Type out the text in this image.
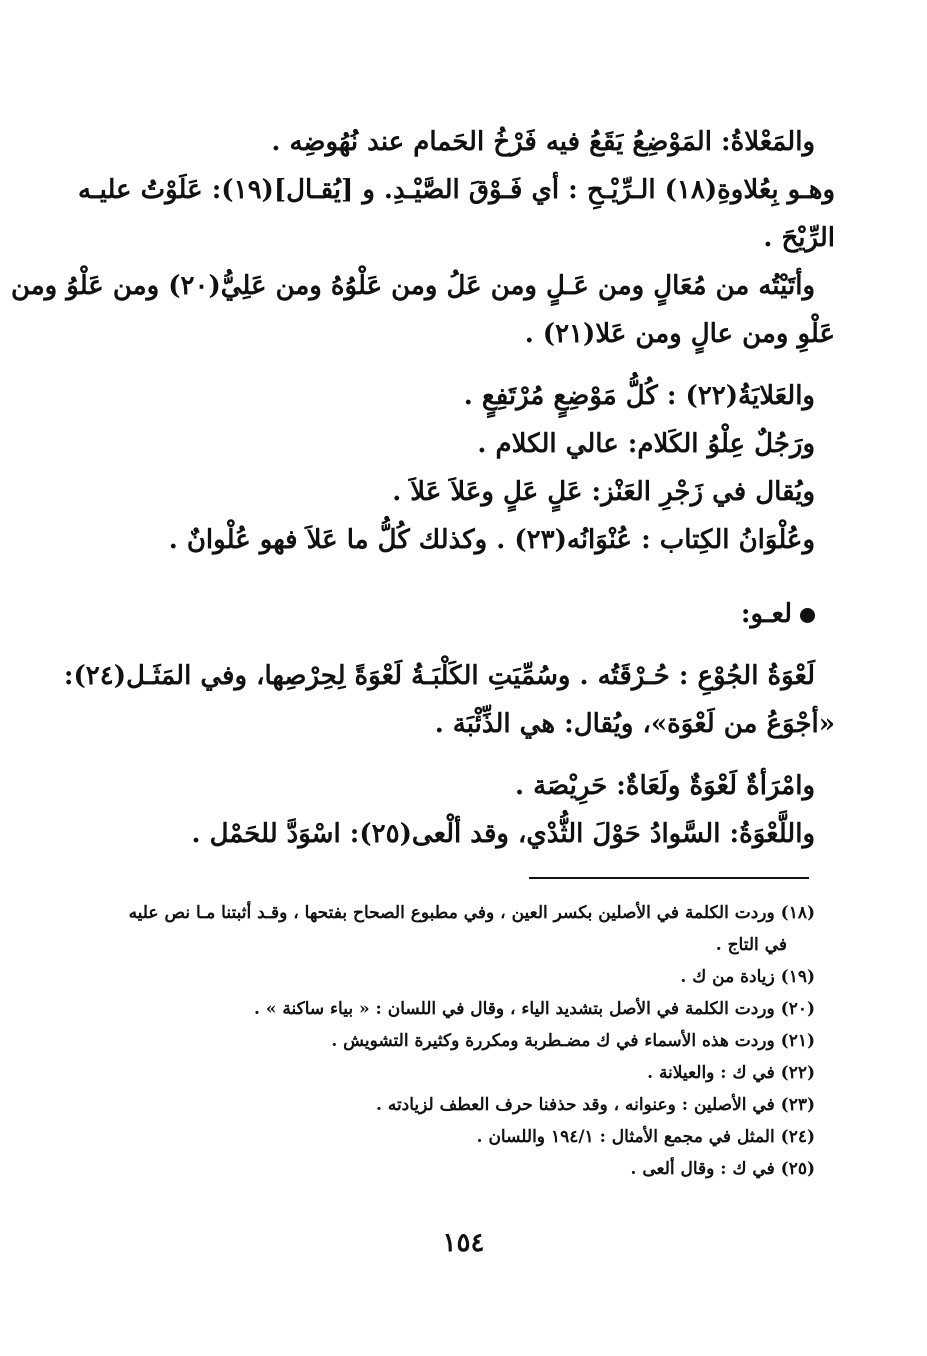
والمَعْلاةُ: المَوْضِعُ يَقَعُ فيه فَرْخُ الحَمام عند نُهُوضِه .
وهـو بِعُلاوةِ(١٨) الـرِّيْـحِ : أي فَـوْقَ الصَّيْـدِ. و [يُقـال](١٩): عَلَوْتُ عليـه
الرِّيْحَ .
وأتَيْتُه من مُعَالٍ ومن عَـلٍ ومن عَلُ ومن عَلْوُهُ ومن عَلِيُّ(٢٠) ومن عَلْوُ ومن
عَلْوِ ومن عالٍ ومن عَلا(٢١) .
والعَلايَةُ(٢٢) : كُلُّ مَوْضِعٍ مُرْتَفِعٍ .
ورَجُلٌ عِلْوُ الكَلام: عالي الكلام .
ويُقال في زَجْرِ العَنْز: عَلٍ عَلٍ وعَلاَ عَلاَ .
وعُلْوَانُ الكِتاب : عُنْوَانُه(٢٣) . وكذلك كُلُّ ما عَلاَ فهو عُلْوانٌ .
لعـو:
لَعْوَةُ الجُوْعِ : حُـرْقَتُه . وسُمِّيَتِ الكَلْبَـةُ لَعْوَةً لِحِرْصِها، وفي المَثَـل(٢٤):
«أجْوَعُ من لَعْوَة»، ويُقال: هي الذِّئْبَة .
وامْرَأةٌ لَعْوَةٌ ولَعَاةٌ: حَرِيْصَة .
واللَّعْوَةُ: السَّوادُ حَوْلَ الثُّدْي، وقد ألْعى(٢٥): اسْوَدَّ للحَمْل .
(١٨) وردت الكلمة في الأصلين بكسر العين ، وفي مطبوع الصحاح بفتحها ، وقـد أثبتنا مـا نص عليه
في التاج .
(١٩) زيادة من ك .
(٢٠) وردت الكلمة في الأصل بتشديد الياء ، وقال في اللسان : « بياء ساكنة » .
(٢١) وردت هذه الأسماء في ك مضـطربة ومكررة وكثيرة التشويش .
(٢٢) في ك : والعيلانة .
(٢٣) في الأصلين : وعنوانه ، وقد حذفنا حرف العطف لزيادته .
(٢٤) المثل في مجمع الأمثال : ١٩٤/١ واللسان .
(٢٥) في ك : وقال ألعى .
١٥٤
